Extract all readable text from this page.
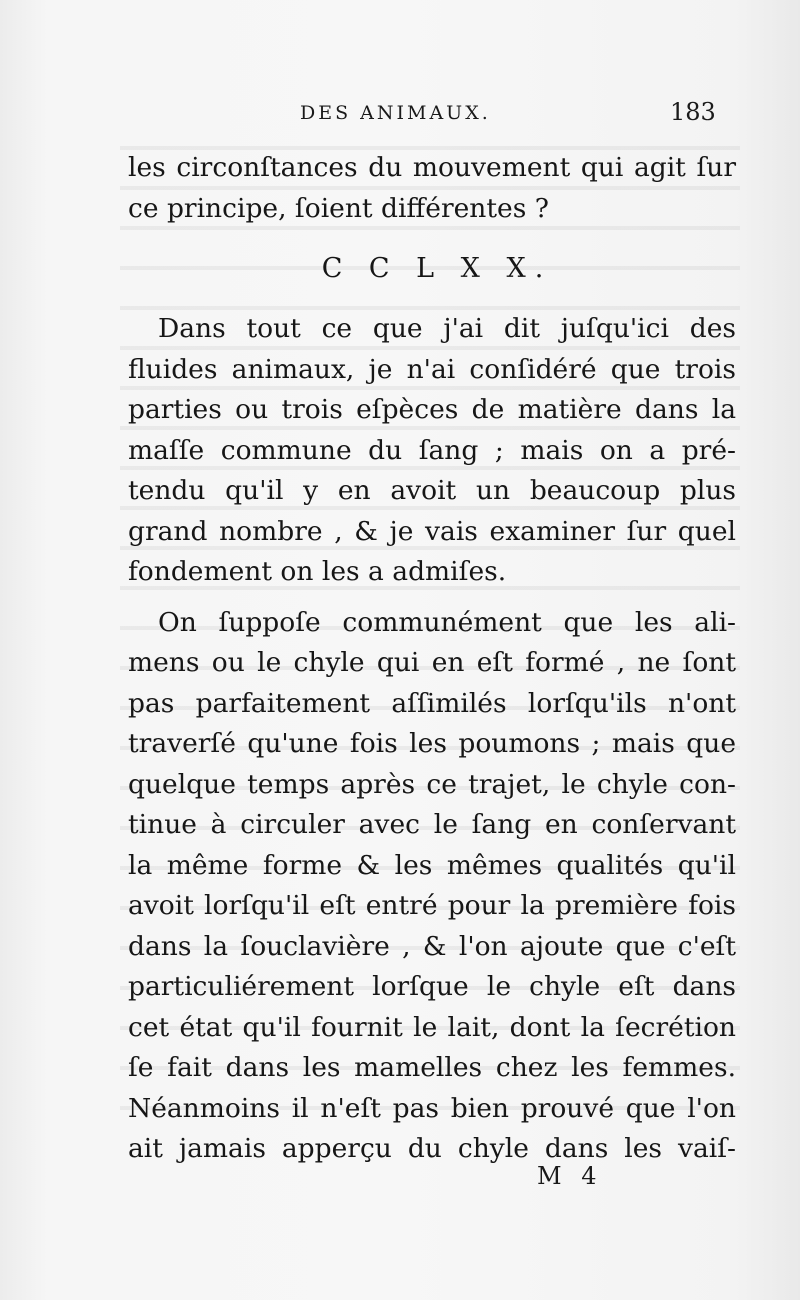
DES ANIMAUX.	183
les circonſtances du mouvement qui agit ſur
ce principe, ſoient différentes ?
C C L X X.
Dans tout ce que j'ai dit juſqu'ici des
fluides animaux, je n'ai conſidéré que trois
parties ou trois eſpèces de matière dans la
maſſe commune du ſang ; mais on a pré-
tendu qu'il y en avoit un beaucoup plus
grand nombre , & je vais examiner ſur quel
fondement on les a admiſes.
On ſuppoſe communément que les ali-
mens ou le chyle qui en eſt formé , ne ſont
pas parfaitement aſſimilés lorſqu'ils n'ont
traverſé qu'une fois les poumons ; mais que
quelque temps après ce trajet, le chyle con-
tinue à circuler avec le ſang en conſervant
la même forme & les mêmes qualités qu'il
avoit lorſqu'il eſt entré pour la première fois
dans la ſouclavière , & l'on ajoute que c'eſt
particuliérement lorſque le chyle eſt dans
cet état qu'il fournit le lait, dont la ſecrétion
ſe fait dans les mamelles chez les femmes.
Néanmoins il n'eſt pas bien prouvé que l'on
ait jamais apperçu du chyle dans les vaiſ-
M 4
